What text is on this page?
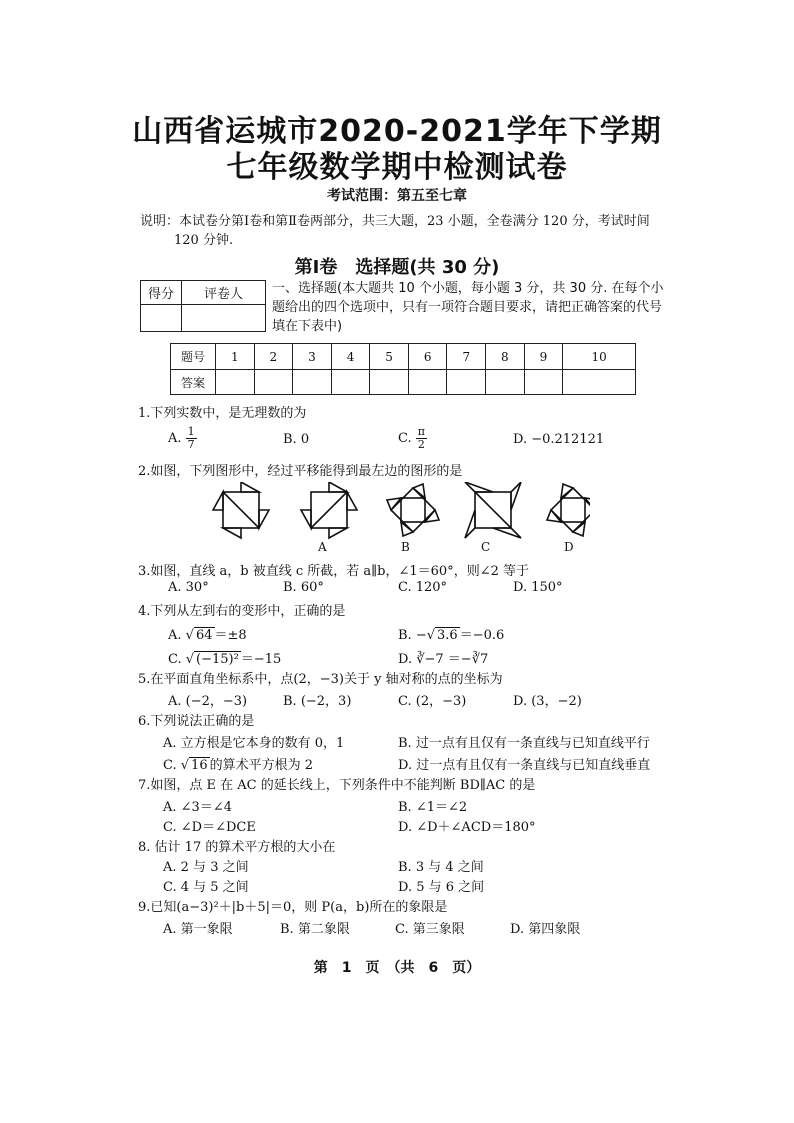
山西省运城市2020-2021学年下学期
七年级数学期中检测试卷
考试范围：第五至七章
说明：本试卷分第Ⅰ卷和第Ⅱ卷两部分，共三大题，23 小题，全卷满分 120 分，考试时间
120 分钟.
第Ⅰ卷　选择题(共 30 分)
得分	评卷人
	一、选择题(本大题共 10 个小题，每小题 3 分，共 30 分. 在每个小题给出的四个选项中，只有一项符合题目要求，请把正确答案的代号填在下表中)
题号	1	2	3	4	5	6	7	8	9	10
答案										
1.下列实数中，是无理数的为
A. $\frac{1}{7}$	B. 0	C. $\frac{\pi}{2}$	D. −0.212121
2.如图，下列图形中，经过平移能得到最左边的图形的是
A	B	C	D
3.如图，直线 a，b 被直线 c 所截，若 a∥b，∠1＝60°，则∠2 等于
A. 30°	B. 60°	C. 120°	D. 150°
4.下列从左到右的变形中，正确的是
A. √ 64 ＝±8	B. −√ 3.6 ＝−0.6
C. √ (−15)² ＝−15	D. ∛−7 ＝−∛7
5.在平面直角坐标系中，点(2，−3)关于 y 轴对称的点的坐标为
A. (−2，−3)	B. (−2，3)	C. (2，−3)	D. (3，−2)
6.下列说法正确的是
A. 立方根是它本身的数有 0，1	B. 过一点有且仅有一条直线与已知直线平行
C. √ 16 的算术平方根为 2	D. 过一点有且仅有一条直线与已知直线垂直
7.如图，点 E 在 AC 的延长线上，下列条件中不能判断 BD∥AC 的是
A. ∠3＝∠4	B. ∠1＝∠2
C. ∠D＝∠DCE	D. ∠D＋∠ACD＝180°
8. 估计 17 的算术平方根的大小在
A. 2 与 3 之间	B. 3 与 4 之间
C. 4 与 5 之间	D. 5 与 6 之间
9.已知(a−3)²＋|b＋5|＝0，则 P(a，b)所在的象限是
A. 第一象限	B. 第二象限	C. 第三象限	D. 第四象限
第　1　页　（共　6　页）
